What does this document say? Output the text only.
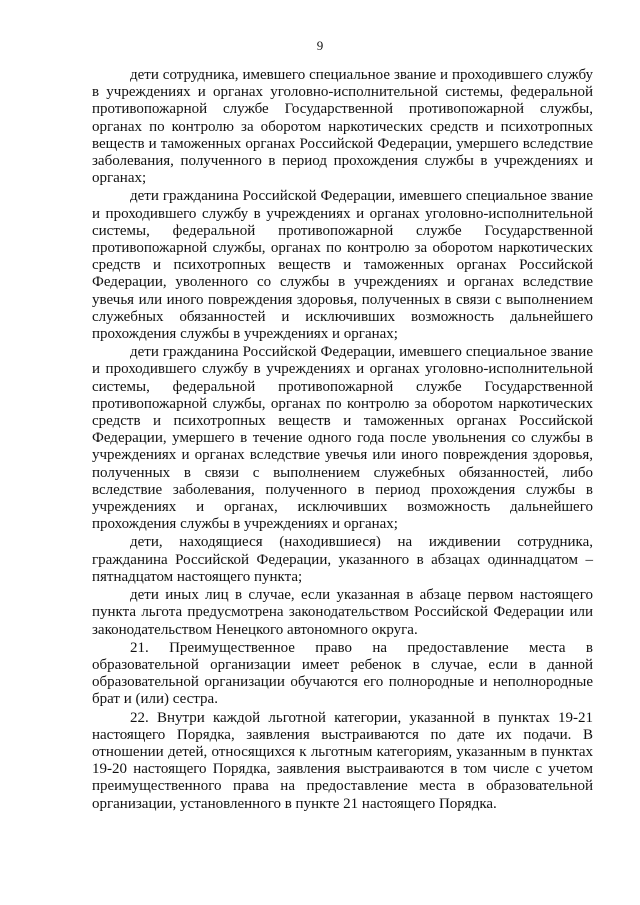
9

дети сотрудника, имевшего специальное звание и проходившего службу в учреждениях и органах уголовно-исполнительной системы, федеральной противопожарной службе Государственной противопожарной службы, органах по контролю за оборотом наркотических средств и психотропных веществ и таможенных органах Российской Федерации, умершего вследствие заболевания, полученного в период прохождения службы в учреждениях и органах;

дети гражданина Российской Федерации, имевшего специальное звание и проходившего службу в учреждениях и органах уголовно-исполнительной системы, федеральной противопожарной службе Государственной противопожарной службы, органах по контролю за оборотом наркотических средств и психотропных веществ и таможенных органах Российской Федерации, уволенного со службы в учреждениях и органах вследствие увечья или иного повреждения здоровья, полученных в связи с выполнением служебных обязанностей и исключивших возможность дальнейшего прохождения службы в учреждениях и органах;

дети гражданина Российской Федерации, имевшего специальное звание и проходившего службу в учреждениях и органах уголовно-исполнительной системы, федеральной противопожарной службе Государственной противопожарной службы, органах по контролю за оборотом наркотических средств и психотропных веществ и таможенных органах Российской Федерации, умершего в течение одного года после увольнения со службы в учреждениях и органах вследствие увечья или иного повреждения здоровья, полученных в связи с выполнением служебных обязанностей, либо вследствие заболевания, полученного в период прохождения службы в учреждениях и органах, исключивших возможность дальнейшего прохождения службы в учреждениях и органах;

дети, находящиеся (находившиеся) на иждивении сотрудника, гражданина Российской Федерации, указанного в абзацах одиннадцатом – пятнадцатом настоящего пункта;

дети иных лиц в случае, если указанная в абзаце первом настоящего пункта льгота предусмотрена законодательством Российской Федерации или законодательством Ненецкого автономного округа.

21. Преимущественное право на предоставление места в образовательной организации имеет ребенок в случае, если в данной образовательной организации обучаются его полнородные и неполнородные брат и (или) сестра.

22. Внутри каждой льготной категории, указанной в пунктах 19-21 настоящего Порядка, заявления выстраиваются по дате их подачи. В отношении детей, относящихся к льготным категориям, указанным в пунктах 19-20 настоящего Порядка, заявления выстраиваются в том числе с учетом преимущественного права на предоставление места в образовательной организации, установленного в пункте 21 настоящего Порядка.
